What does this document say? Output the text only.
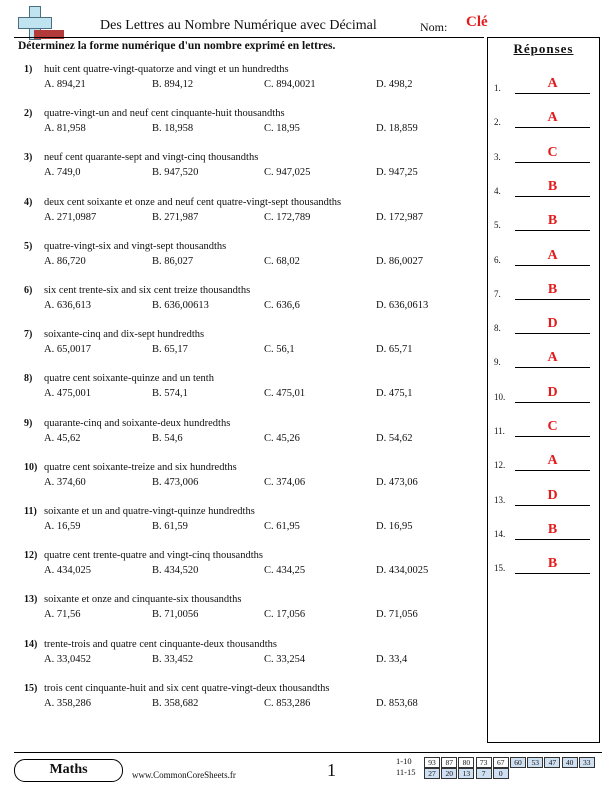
Des Lettres au Nombre Numérique avec Décimal	Nom: Clé
Déterminez la forme numérique d'un nombre exprimé en lettres.
1) huit cent quatre-vingt-quatorze and vingt et un hundredths
A. 894,21	B. 894,12	C. 894,0021	D. 498,2
2) quatre-vingt-un and neuf cent cinquante-huit thousandths
A. 81,958	B. 18,958	C. 18,95	D. 18,859
3) neuf cent quarante-sept and vingt-cinq thousandths
A. 749,0	B. 947,520	C. 947,025	D. 947,25
4) deux cent soixante et onze and neuf cent quatre-vingt-sept thousandths
A. 271,0987	B. 271,987	C. 172,789	D. 172,987
5) quatre-vingt-six and vingt-sept thousandths
A. 86,720	B. 86,027	C. 68,02	D. 86,0027
6) six cent trente-six and six cent treize thousandths
A. 636,613	B. 636,00613	C. 636,6	D. 636,0613
7) soixante-cinq and dix-sept hundredths
A. 65,0017	B. 65,17	C. 56,1	D. 65,71
8) quatre cent soixante-quinze and un tenth
A. 475,001	B. 574,1	C. 475,01	D. 475,1
9) quarante-cinq and soixante-deux hundredths
A. 45,62	B. 54,6	C. 45,26	D. 54,62
10) quatre cent soixante-treize and six hundredths
A. 374,60	B. 473,006	C. 374,06	D. 473,06
11) soixante et un and quatre-vingt-quinze hundredths
A. 16,59	B. 61,59	C. 61,95	D. 16,95
12) quatre cent trente-quatre and vingt-cinq thousandths
A. 434,025	B. 434,520	C. 434,25	D. 434,0025
13) soixante et onze and cinquante-six thousandths
A. 71,56	B. 71,0056	C. 17,056	D. 71,056
14) trente-trois and quatre cent cinquante-deux thousandths
A. 33,0452	B. 33,452	C. 33,254	D. 33,4
15) trois cent cinquante-huit and six cent quatre-vingt-deux thousandths
A. 358,286	B. 358,682	C. 853,286	D. 853,68
Réponses
1.	A
2.	A
3.	C
4.	B
5.	B
6.	A
7.	B
8.	D
9.	A
10.	D
11.	C
12.	A
13.	D
14.	B
15.	B
Maths	www.CommonCoreSheets.fr	1	1-10	93	87	80	73	67	60	53	47	40	33
11-15	27	20	13	7	0
